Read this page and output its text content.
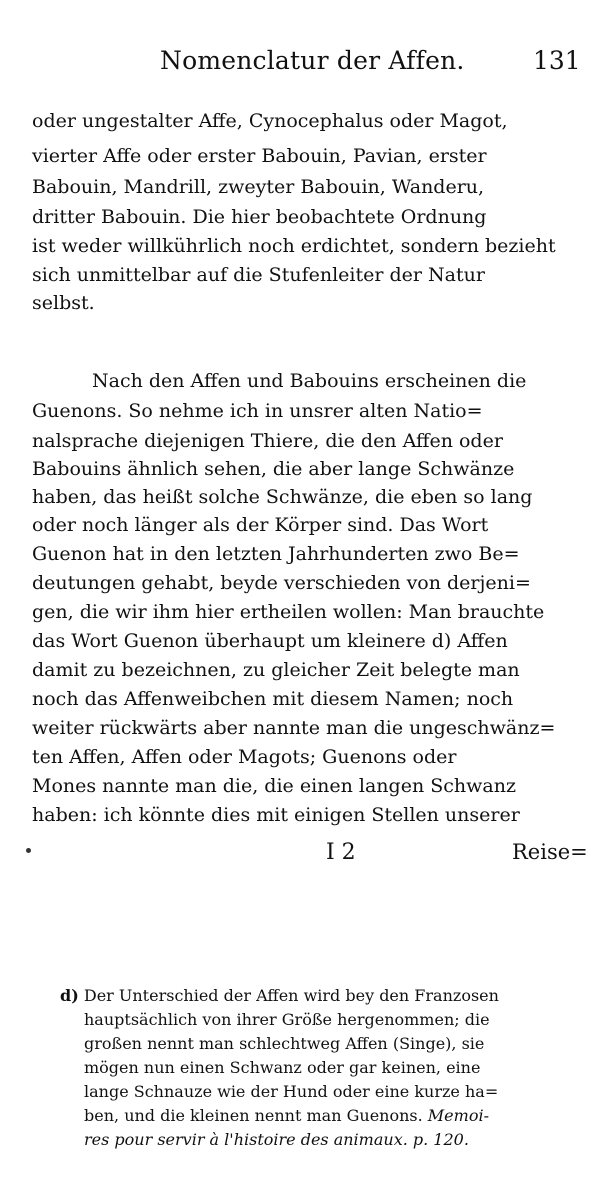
Nomenclatur der Affen.	131
oder ungestalter Affe, Cynocephalus oder Magot,
vierter Affe oder erster Babouin, Pavian, erster
Babouin, Mandrill, zweyter Babouin, Wanderu,
dritter Babouin. Die hier beobachtete Ordnung
ist weder willkührlich noch erdichtet, sondern bezieht
sich unmittelbar auf die Stufenleiter der Natur
selbst.
Nach den Affen und Babouins erscheinen die
Guenons. So nehme ich in unsrer alten Natio=
nalsprache diejenigen Thiere, die den Affen oder
Babouins ähnlich sehen, die aber lange Schwänze
haben, das heißt solche Schwänze, die eben so lang
oder noch länger als der Körper sind. Das Wort
Guenon hat in den letzten Jahrhunderten zwo Be=
deutungen gehabt, beyde verschieden von derjeni=
gen, die wir ihm hier ertheilen wollen: Man brauchte
das Wort Guenon überhaupt um kleinere d) Affen
damit zu bezeichnen, zu gleicher Zeit belegte man
noch das Affenweibchen mit diesem Namen; noch
weiter rückwärts aber nannte man die ungeschwänz=
ten Affen, Affen oder Magots; Guenons oder
Mones nannte man die, die einen langen Schwanz
haben: ich könnte dies mit einigen Stellen unserer
I 2	Reise=
d) Der Unterschied der Affen wird bey den Franzosen
hauptsächlich von ihrer Größe hergenommen; die
großen nennt man schlechtweg Affen (Singe), sie
mögen nun einen Schwanz oder gar keinen, eine
lange Schnauze wie der Hund oder eine kurze ha=
ben, und die kleinen nennt man Guenons. Memoi-
res pour servir à l'histoire des animaux. p. 120.
